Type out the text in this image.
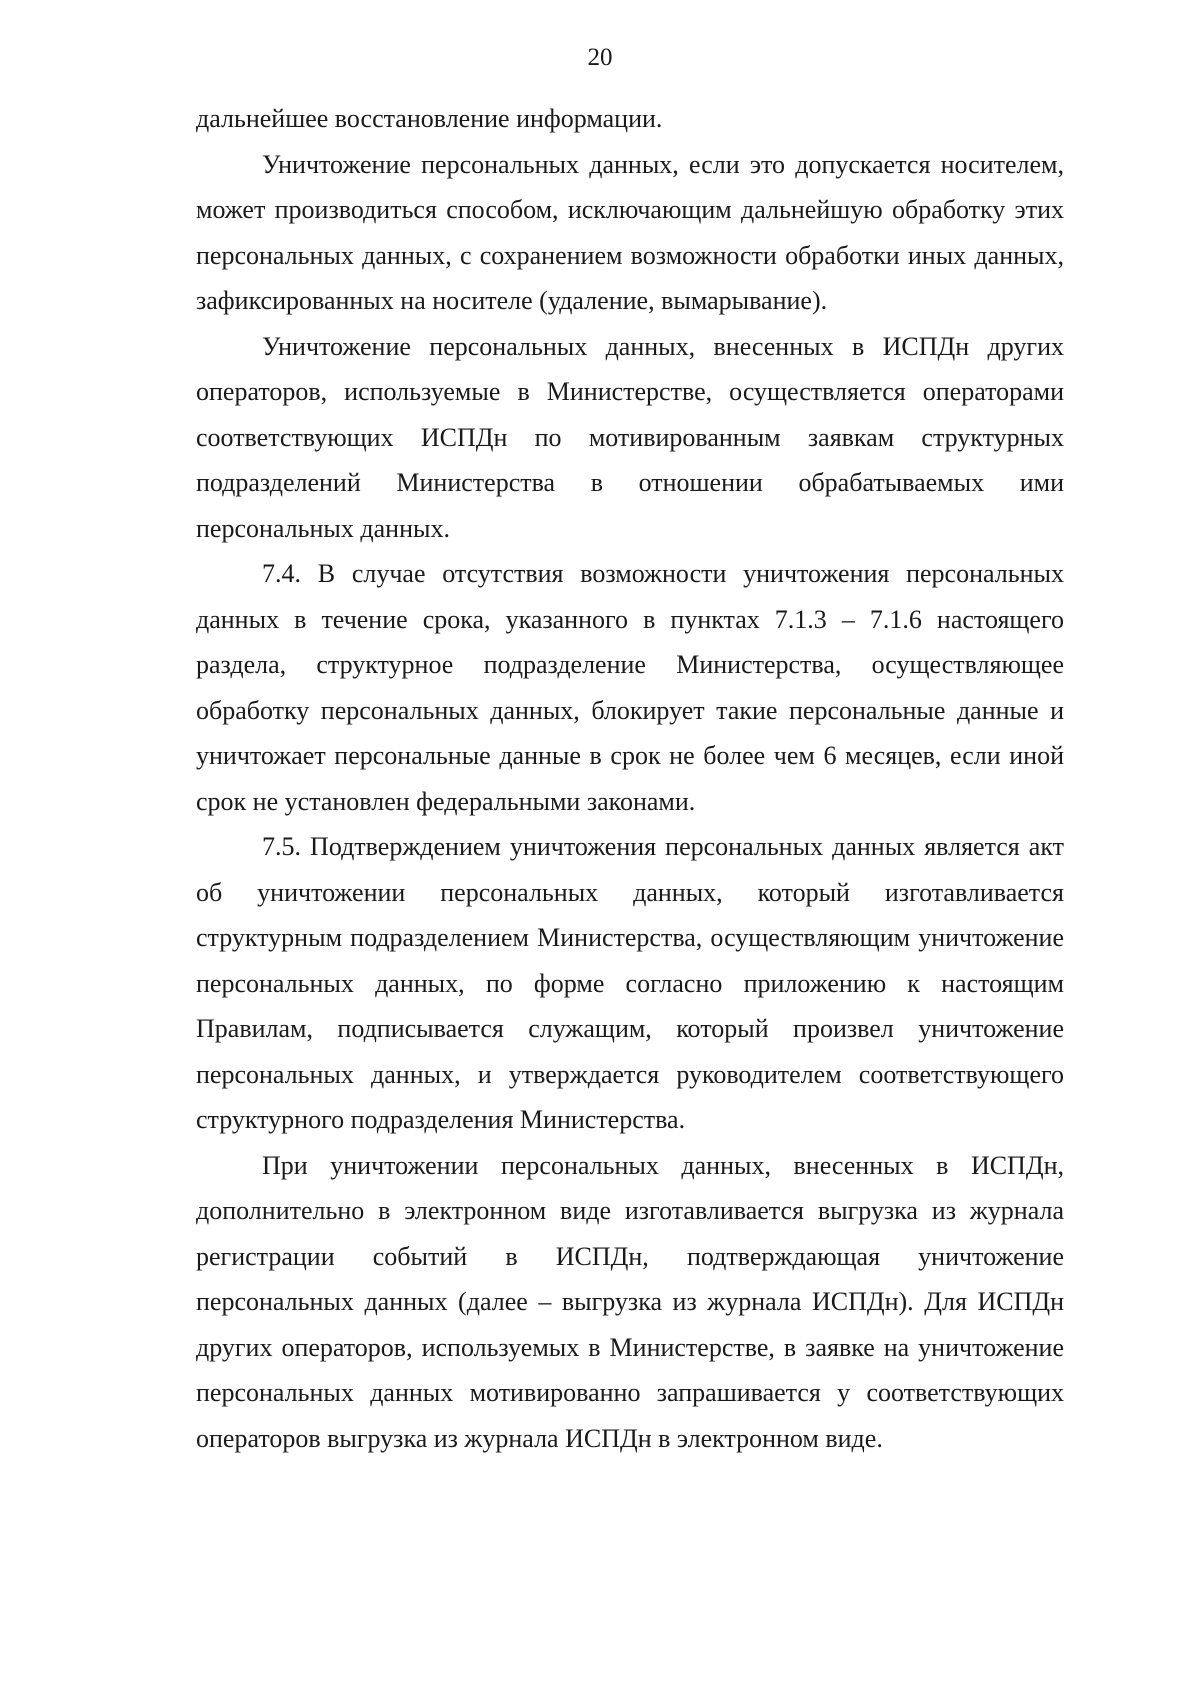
20

дальнейшее восстановление информации.

Уничтожение персональных данных, если это допускается носителем, может производиться способом, исключающим дальнейшую обработку этих персональных данных, с сохранением возможности обработки иных данных, зафиксированных на носителе (удаление, вымарывание).

Уничтожение персональных данных, внесенных в ИСПДн других операторов, используемые в Министерстве, осуществляется операторами соответствующих ИСПДн по мотивированным заявкам структурных подразделений Министерства в отношении обрабатываемых ими персональных данных.

7.4. В случае отсутствия возможности уничтожения персональных данных в течение срока, указанного в пунктах 7.1.3 – 7.1.6 настоящего раздела, структурное подразделение Министерства, осуществляющее обработку персональных данных, блокирует такие персональные данные и уничтожает персональные данные в срок не более чем 6 месяцев, если иной срок не установлен федеральными законами.

7.5. Подтверждением уничтожения персональных данных является акт об уничтожении персональных данных, который изготавливается структурным подразделением Министерства, осуществляющим уничтожение персональных данных, по форме согласно приложению к настоящим Правилам, подписывается служащим, который произвел уничтожение персональных данных, и утверждается руководителем соответствующего структурного подразделения Министерства.

При уничтожении персональных данных, внесенных в ИСПДн, дополнительно в электронном виде изготавливается выгрузка из журнала регистрации событий в ИСПДн, подтверждающая уничтожение персональных данных (далее – выгрузка из журнала ИСПДн). Для ИСПДн других операторов, используемых в Министерстве, в заявке на уничтожение персональных данных мотивированно запрашивается у соответствующих операторов выгрузка из журнала ИСПДн в электронном виде.
